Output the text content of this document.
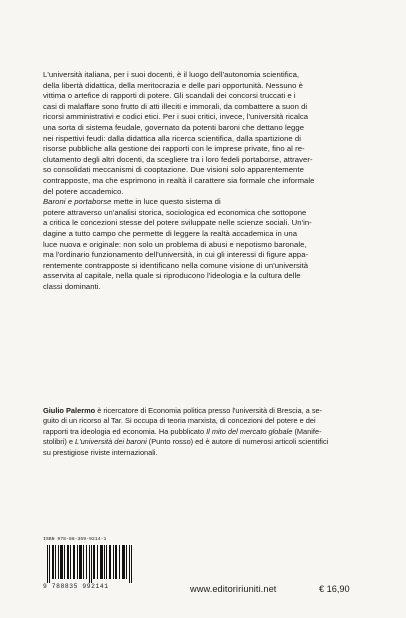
L'università italiana, per i suoi docenti, è il luogo dell'autonomia scientifica,
della libertà didattica, della meritocrazia e delle pari opportunità. Nessuno è
vittima o artefice di rapporti di potere. Gli scandali dei concorsi truccati e i
casi di malaffare sono frutto di atti illeciti e immorali, da combattere a suon di
ricorsi amministrativi e codici etici. Per i suoi critici, invece, l'università ricalca
una sorta di sistema feudale, governato da potenti baroni che dettano legge
nei rispettivi feudi: dalla didattica alla ricerca scientifica, dalla spartizione di
risorse pubbliche alla gestione dei rapporti con le imprese private, fino al re-
clutamento degli altri docenti, da scegliere tra i loro fedeli portaborse, attraver-
so consolidati meccanismi di cooptazione. Due visioni solo apparentemente
contrapposte, ma che esprimono in realtà il carattere sia formale che informale
del potere accademico.
Baroni e portaborse mette in luce questo sistema di
potere attraverso un'analisi storica, sociologica ed economica che sottopone
a critica le concezioni stesse del potere sviluppate nelle scienze sociali. Un'in-
dagine a tutto campo che permette di leggere la realtà accademica in una
luce nuova e originale: non solo un problema di abusi e nepotismo baronale,
ma l'ordinario funzionamento dell'università, in cui gli interessi di figure appa-
rentemente contrapposte si identificano nella comune visione di un'università
asservita al capitale, nella quale si riproducono l'ideologia e la cultura delle
classi dominanti.

Giulio Palermo è ricercatore di Economia politica presso l'università di Brescia, a se-
guito di un ricorso al Tar. Si occupa di teoria marxista, di concezioni del potere e dei
rapporti tra ideologia ed economia. Ha pubblicato Il mito del mercato globale (Manife-
stolibri) e L'università dei baroni (Punto rosso) ed è autore di numerosi articoli scientifici
su prestigiose riviste internazionali.

ISBN 978-88-359-9214-1
9 788835 992141	www.editoririuniti.net	€ 16,90
